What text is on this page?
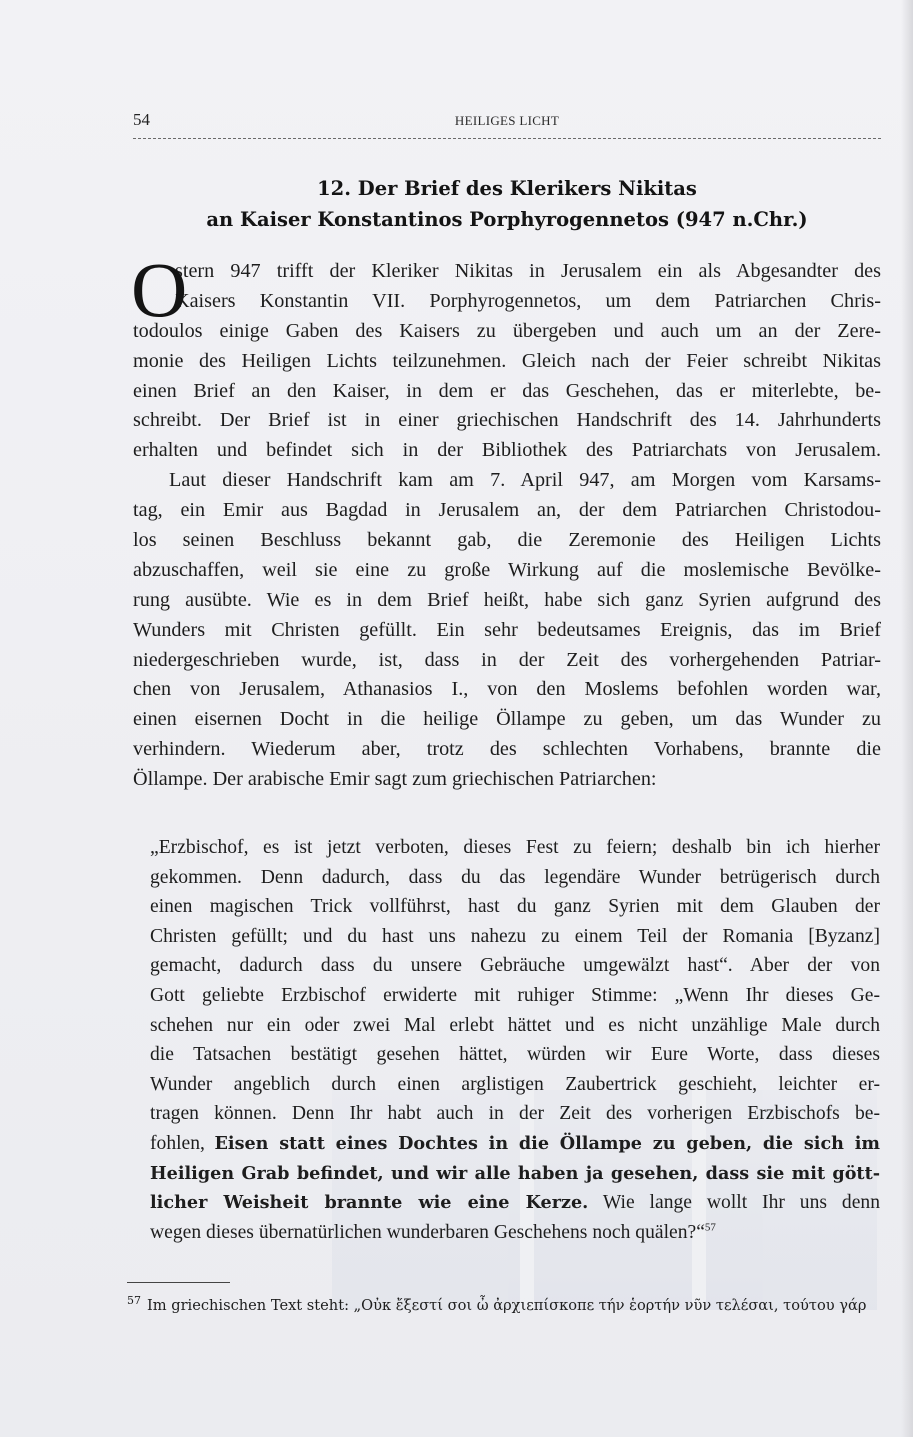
54	HEILIGES LICHT
12. Der Brief des Klerikers Nikitas
an Kaiser Konstantinos Porphyrogennetos (947 n.Chr.)
O
stern 947 trifft der Kleriker Nikitas in Jerusalem ein als Abgesandter des
Kaisers Konstantin VII. Porphyrogennetos, um dem Patriarchen Chris-
todoulos einige Gaben des Kaisers zu übergeben und auch um an der Zere-
monie des Heiligen Lichts teilzunehmen. Gleich nach der Feier schreibt Nikitas
einen Brief an den Kaiser, in dem er das Geschehen, das er miterlebte, be-
schreibt. Der Brief ist in einer griechischen Handschrift des 14. Jahrhunderts
erhalten und befindet sich in der Bibliothek des Patriarchats von Jerusalem.
Laut dieser Handschrift kam am 7. April 947, am Morgen vom Karsams-
tag, ein Emir aus Bagdad in Jerusalem an, der dem Patriarchen Christodou-
los seinen Beschluss bekannt gab, die Zeremonie des Heiligen Lichts
abzuschaffen, weil sie eine zu große Wirkung auf die moslemische Bevölke-
rung ausübte. Wie es in dem Brief heißt, habe sich ganz Syrien aufgrund des
Wunders mit Christen gefüllt. Ein sehr bedeutsames Ereignis, das im Brief
niedergeschrieben wurde, ist, dass in der Zeit des vorhergehenden Patriar-
chen von Jerusalem, Athanasios I., von den Moslems befohlen worden war,
einen eisernen Docht in die heilige Öllampe zu geben, um das Wunder zu
verhindern. Wiederum aber, trotz des schlechten Vorhabens, brannte die
Öllampe. Der arabische Emir sagt zum griechischen Patriarchen:
„Erzbischof, es ist jetzt verboten, dieses Fest zu feiern; deshalb bin ich hierher
gekommen. Denn dadurch, dass du das legendäre Wunder betrügerisch durch
einen magischen Trick vollführst, hast du ganz Syrien mit dem Glauben der
Christen gefüllt; und du hast uns nahezu zu einem Teil der Romania [Byzanz]
gemacht, dadurch dass du unsere Gebräuche umgewälzt hast“. Aber der von
Gott geliebte Erzbischof erwiderte mit ruhiger Stimme: „Wenn Ihr dieses Ge-
schehen nur ein oder zwei Mal erlebt hättet und es nicht unzählige Male durch
die Tatsachen bestätigt gesehen hättet, würden wir Eure Worte, dass dieses
Wunder angeblich durch einen arglistigen Zaubertrick geschieht, leichter er-
tragen können. Denn Ihr habt auch in der Zeit des vorherigen Erzbischofs be-
fohlen, Eisen statt eines Dochtes in die Öllampe zu geben, die sich im
Heiligen Grab befindet, und wir alle haben ja gesehen, dass sie mit gött-
licher Weisheit brannte wie eine Kerze. Wie lange wollt Ihr uns denn
wegen dieses übernatürlichen wunderbaren Geschehens noch quälen?“$^{57}$
$^{57}$ Im griechischen Text steht: „Οὐκ ἔξεστί σοι ὦ ἀρχιεπίσκοπε τήν ἑορτήν νῦν τελέσαι, τούτου γάρ
